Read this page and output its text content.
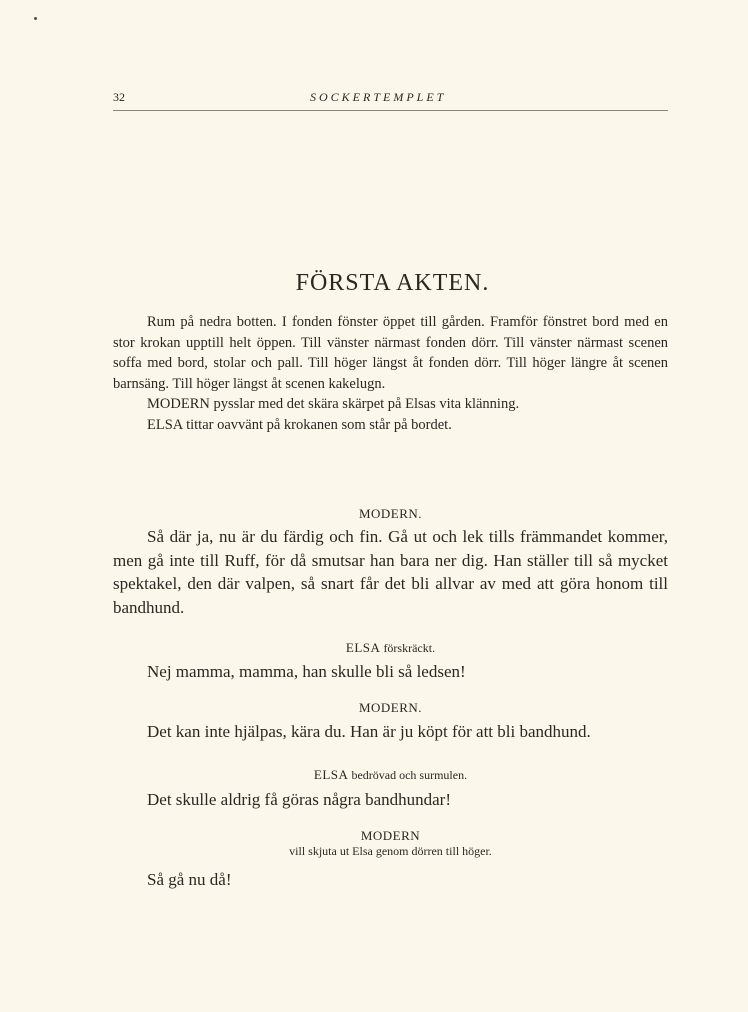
32	SOCKERTEMPLET
FÖRSTA AKTEN.

Rum på nedra botten. I fonden fönster öppet till gården. Framför fönstret bord med en stor krokan upptill helt öppen. Till vänster närmast fonden dörr. Till vänster närmast scenen soffa med bord, stolar och pall. Till höger längst åt fonden dörr. Till höger längre åt scenen barnsäng. Till höger längst åt scenen kakelugn.

MODERN pysslar med det skära skärpet på Elsas vita klänning.

ELSA tittar oavvänt på krokanen som står på bordet.

MODERN.

Så där ja, nu är du färdig och fin. Gå ut och lek tills främmandet kommer, men gå inte till Ruff, för då smutsar han bara ner dig. Han ställer till så mycket spektakel, den där valpen, så snart får det bli allvar av med att göra honom till bandhund.

ELSA förskräckt.

Nej mamma, mamma, han skulle bli så ledsen!

MODERN.

Det kan inte hjälpas, kära du. Han är ju köpt för att bli bandhund.

ELSA bedrövad och surmulen.

Det skulle aldrig få göras några bandhundar!

MODERN
vill skjuta ut Elsa genom dörren till höger.

Så gå nu då!
